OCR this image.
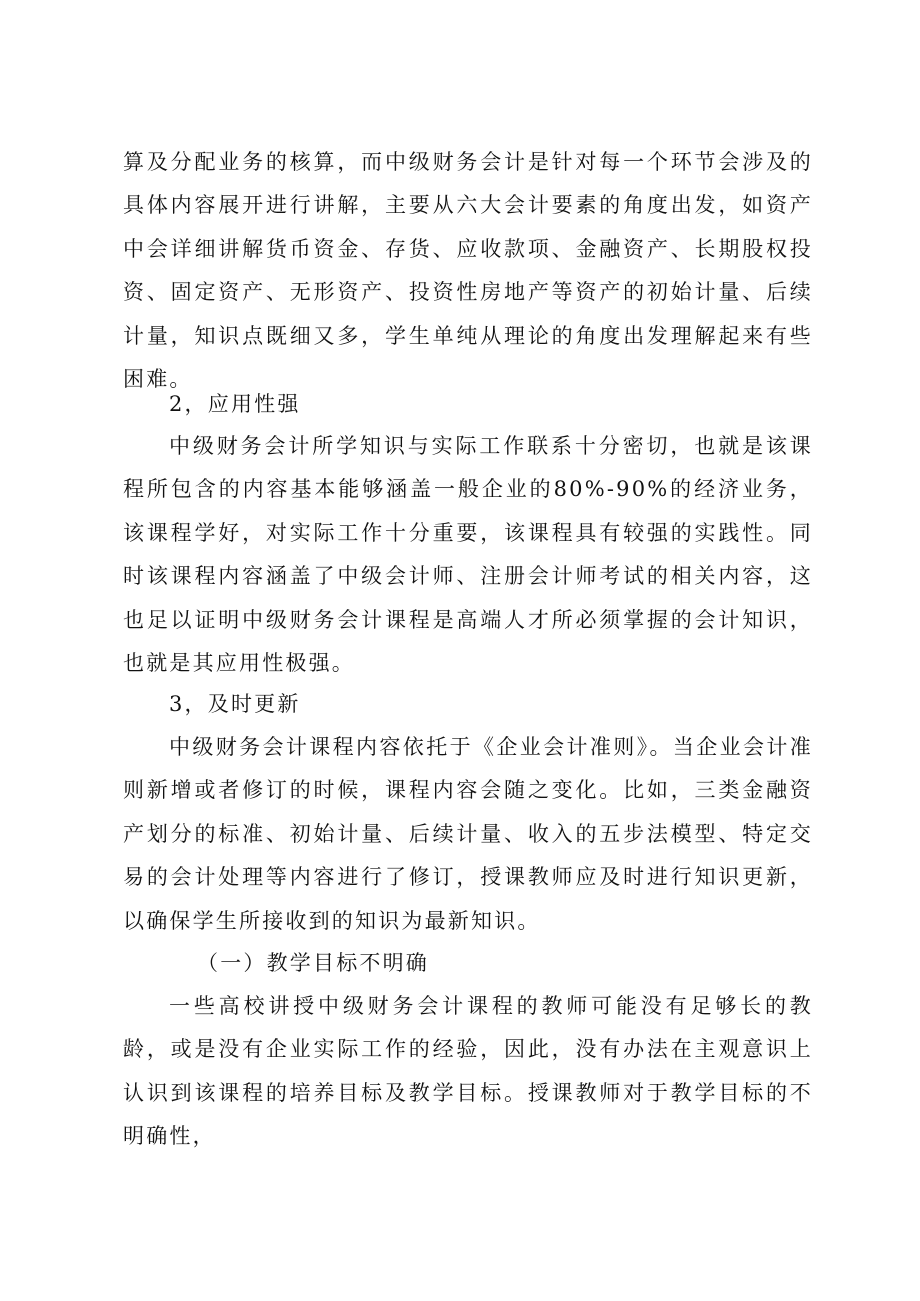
算及分配业务的核算，而中级财务会计是针对每一个环节会涉及的具体内容展开进行讲解，主要从六大会计要素的角度出发，如资产中会详细讲解货币资金、存货、应收款项、金融资产、长期股权投资、固定资产、无形资产、投资性房地产等资产的初始计量、后续计量，知识点既细又多，学生单纯从理论的角度出发理解起来有些困难。

2，应用性强

中级财务会计所学知识与实际工作联系十分密切，也就是该课程所包含的内容基本能够涵盖一般企业的80%-90%的经济业务，该课程学好，对实际工作十分重要，该课程具有较强的实践性。同时该课程内容涵盖了中级会计师、注册会计师考试的相关内容，这也足以证明中级财务会计课程是高端人才所必须掌握的会计知识，也就是其应用性极强。

3，及时更新

中级财务会计课程内容依托于《企业会计准则》。当企业会计准则新增或者修订的时候，课程内容会随之变化。比如，三类金融资产划分的标准、初始计量、后续计量、收入的五步法模型、特定交易的会计处理等内容进行了修订，授课教师应及时进行知识更新，以确保学生所接收到的知识为最新知识。

（一）教学目标不明确

一些高校讲授中级财务会计课程的教师可能没有足够长的教龄，或是没有企业实际工作的经验，因此，没有办法在主观意识上认识到该课程的培养目标及教学目标。授课教师对于教学目标的不明确性，
